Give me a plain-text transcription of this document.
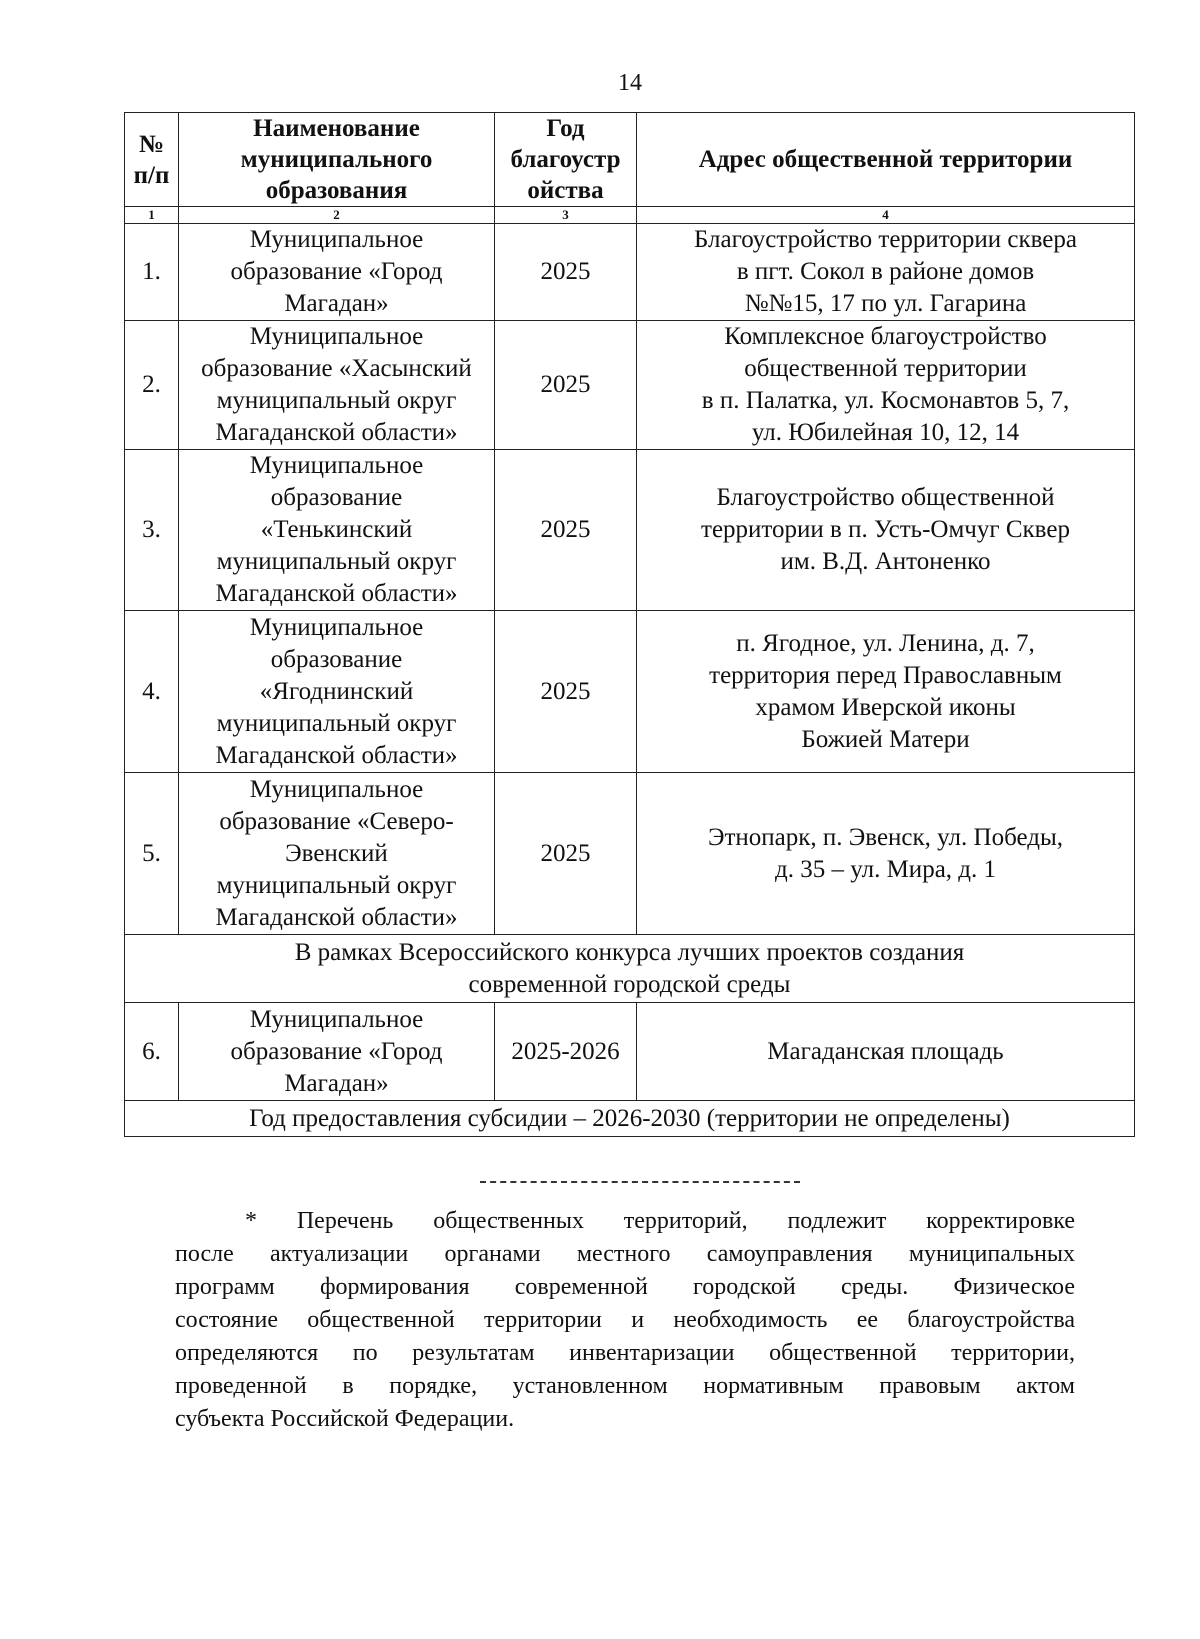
14
№
п/п	Наименование
муниципального
образования	Год
благоустр
ойства	Адрес общественной территории

1	2	3	4
1.	Муниципальное
образование «Город
Магадан»	2025	Благоустройство территории сквера
в пгт. Сокол в районе домов
№№15, 17 по ул. Гагарина

2.	Муниципальное
образование «Хасынский
муниципальный округ
Магаданской области»	2025	Комплексное благоустройство
общественной территории
в п. Палатка, ул. Космонавтов 5, 7,
ул. Юбилейная 10, 12, 14

3.	Муниципальное
образование
«Тенькинский
муниципальный округ
Магаданской области»	2025	Благоустройство общественной
территории в п. Усть-Омчуг Сквер
им. В.Д. Антоненко

4.	Муниципальное
образование
«Ягоднинский
муниципальный округ
Магаданской области»	2025	п. Ягодное, ул. Ленина, д. 7,
территория перед Православным
храмом Иверской иконы
Божией Матери

5.	Муниципальное
образование «Северо-
Эвенский
муниципальный округ
Магаданской области»	2025	Этнопарк, п. Эвенск, ул. Победы,
д. 35 – ул. Мира, д. 1

В рамках Всероссийского конкурса лучших проектов создания
современной городской среды			

6.	Муниципальное
образование «Город
Магадан»	2025-2026	Магаданская площадь

Год предоставления субсидии – 2026-2030 (территории не определены)			
* Перечень общественных территорий, подлежит корректировке
после актуализации органами местного самоуправления муниципальных
программ формирования современной городской среды. Физическое
состояние общественной территории и необходимость ее благоустройства
определяются по результатам инвентаризации общественной территории,
проведенной в порядке, установленном нормативным правовым актом
субъекта Российской Федерации.
